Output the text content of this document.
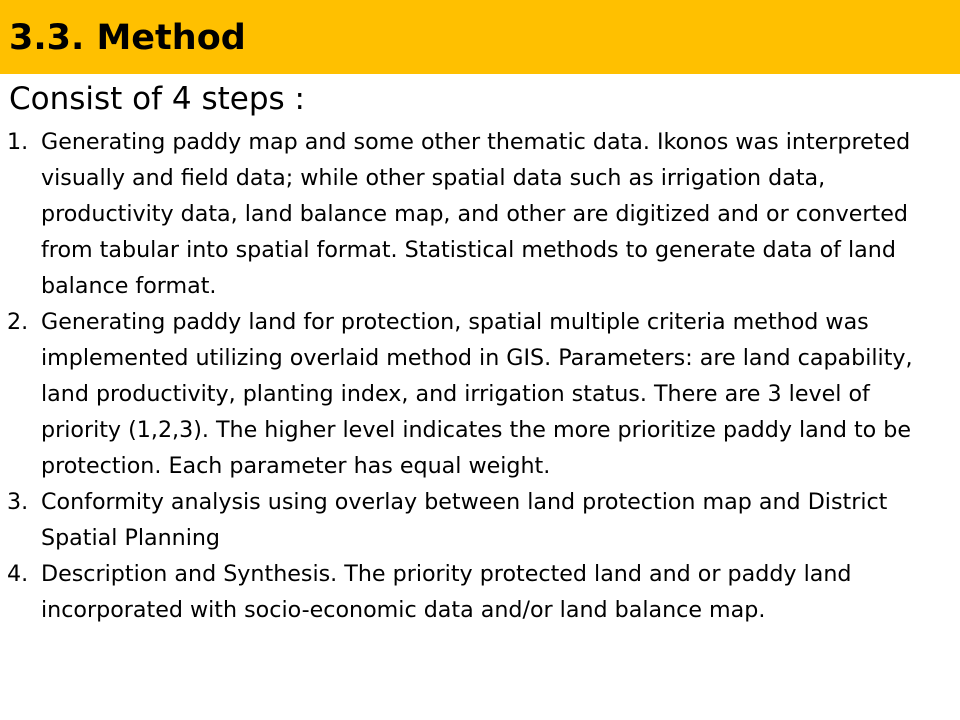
3.3. Method
Consist of 4 steps :
1. Generating paddy map and some other thematic data. Ikonos was interpreted visually and field data; while other spatial data such as irrigation data, productivity data, land balance map, and other are digitized and or converted from tabular into spatial format. Statistical methods to generate data of land balance format.
2. Generating paddy land for protection, spatial multiple criteria method was implemented utilizing overlaid method in GIS. Parameters: are land capability, land productivity, planting index, and irrigation status. There are 3 level of priority (1,2,3). The higher level indicates the more prioritize paddy land to be protection. Each parameter has equal weight.
3. Conformity analysis using overlay between land protection map and District Spatial Planning
4. Description and Synthesis. The priority protected land and or paddy land incorporated with socio-economic data and/or land balance map.
